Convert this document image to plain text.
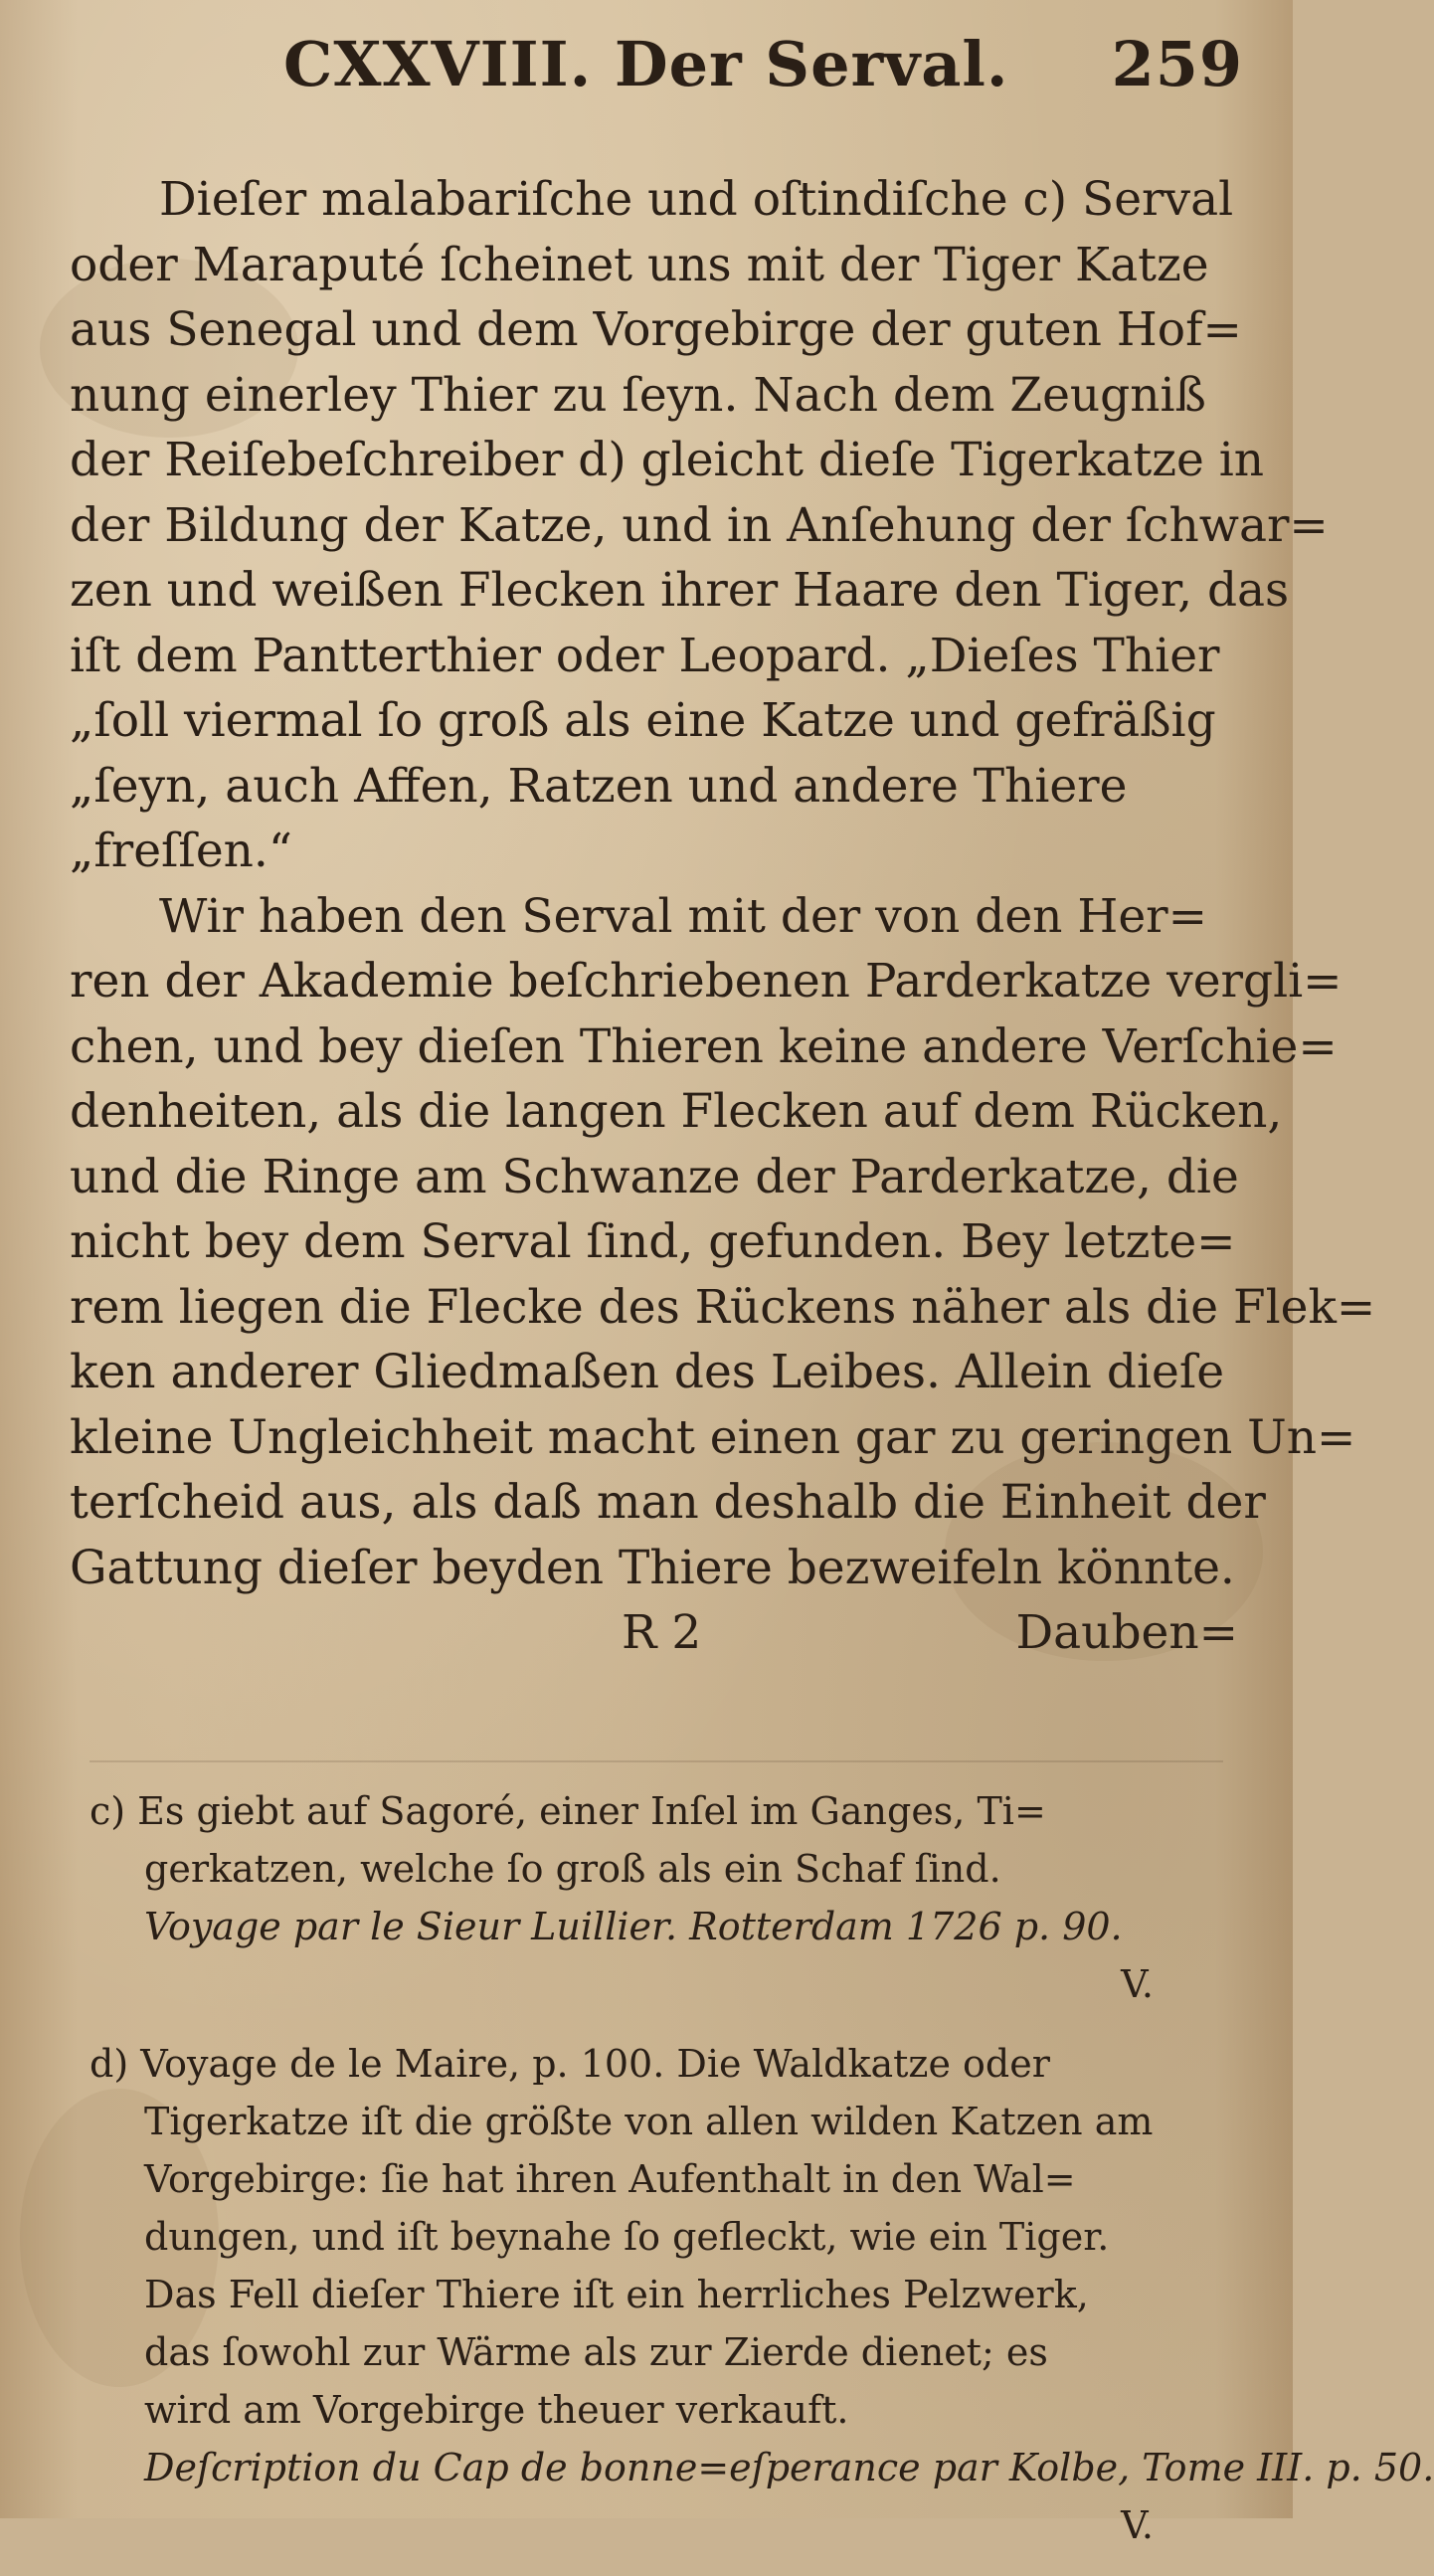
CXXVIII. Der Serval. 259
Dieſer malabariſche und oſtindiſche c) Serval
oder Maraputé ſcheinet uns mit der Tiger Katze
aus Senegal und dem Vorgebirge der guten Hof=
nung einerley Thier zu ſeyn. Nach dem Zeugniß
der Reiſebeſchreiber d) gleicht dieſe Tigerkatze in
der Bildung der Katze, und in Anſehung der ſchwar=
zen und weißen Flecken ihrer Haare den Tiger, das
iſt dem Pantterthier oder Leopard. „Dieſes Thier
„ſoll viermal ſo groß als eine Katze und gefräßig
„ſeyn, auch Affen, Ratzen und andere Thiere
„freſſen.“
Wir haben den Serval mit der von den Her=
ren der Akademie beſchriebenen Parderkatze vergli=
chen, und bey dieſen Thieren keine andere Verſchie=
denheiten, als die langen Flecken auf dem Rücken,
und die Ringe am Schwanze der Parderkatze, die
nicht bey dem Serval ſind, gefunden. Bey letzte=
rem liegen die Flecke des Rückens näher als die Flek=
ken anderer Gliedmaßen des Leibes. Allein dieſe
kleine Ungleichheit macht einen gar zu geringen Un=
terſcheid aus, als daß man deshalb die Einheit der
Gattung dieſer beyden Thiere bezweifeln könnte.
R 2	Dauben=
c) Es giebt auf Sagoré, einer Inſel im Ganges, Ti=
gerkatzen, welche ſo groß als ein Schaf ſind.
Voyage par le Sieur Luillier. Rotterdam 1726 p. 90.
V.
d) Voyage de le Maire, p. 100. Die Waldkatze oder
Tigerkatze iſt die größte von allen wilden Katzen am
Vorgebirge: ſie hat ihren Aufenthalt in den Wal=
dungen, und iſt beynahe ſo gefleckt, wie ein Tiger.
Das Fell dieſer Thiere iſt ein herrliches Pelzwerk,
das ſowohl zur Wärme als zur Zierde dienet; es
wird am Vorgebirge theuer verkauft.
Deſcription du Cap de bonne=eſperance par Kolbe, Tome III. p. 50.
V.
